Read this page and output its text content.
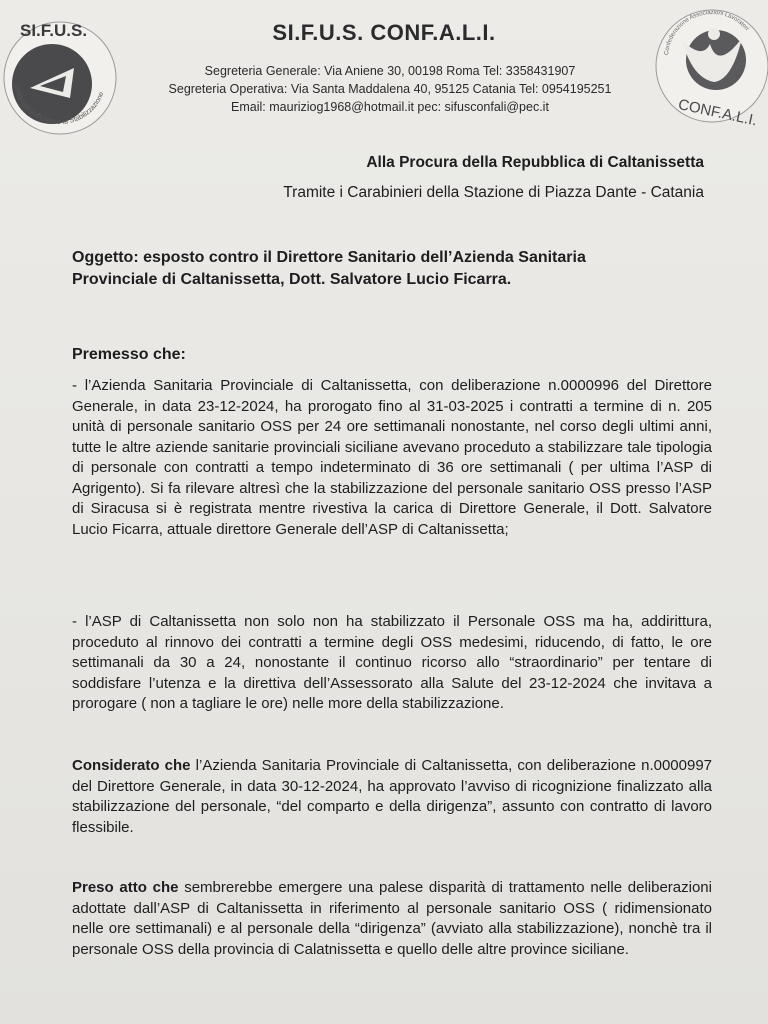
SI.F.U.S.
Sindacato sull'Unità e la Stabilizzazione
CONF.A.L.I.
Confederazione Associazioni Lavoratori
SI.F.U.S. CONF.A.L.I.
Segreteria Generale: Via Aniene 30, 00198 Roma Tel: 3358431907
Segreteria Operativa: Via Santa Maddalena 40, 95125 Catania Tel: 0954195251
Email: mauriziog1968@hotmail.it pec: sifusconfali@pec.it
Alla Procura della Repubblica di Caltanissetta
Tramite i Carabinieri della Stazione di Piazza Dante - Catania
Oggetto: esposto contro il Direttore Sanitario dell’Azienda Sanitaria
Provinciale di Caltanissetta, Dott. Salvatore Lucio Ficarra.
Premesso che:
- l’Azienda Sanitaria Provinciale di Caltanissetta, con deliberazione n.0000996 del Direttore Generale, in data 23-12-2024, ha prorogato fino al 31-03-2025 i contratti a termine di n. 205 unità di personale sanitario OSS per 24 ore settimanali nonostante, nel corso degli ultimi anni, tutte le altre aziende sanitarie provinciali siciliane avevano proceduto a stabilizzare tale tipologia di personale con contratti a tempo indeterminato di 36 ore settimanali ( per ultima l’ASP di Agrigento). Si fa rilevare altresì che la stabilizzazione del personale sanitario OSS presso l’ASP di Siracusa si è registrata mentre rivestiva la carica di Direttore Generale, il Dott. Salvatore Lucio Ficarra, attuale direttore Generale dell’ASP di Caltanissetta;
- l’ASP di Caltanissetta non solo non ha stabilizzato il Personale OSS ma ha, addirittura, proceduto al rinnovo dei contratti a termine degli OSS medesimi, riducendo, di fatto, le ore settimanali da 30 a 24, nonostante il continuo ricorso allo “straordinario” per tentare di soddisfare l’utenza e la direttiva dell’Assessorato alla Salute del 23-12-2024 che invitava a prorogare ( non a tagliare le ore) nelle more della stabilizzazione.
Considerato che l’Azienda Sanitaria Provinciale di Caltanissetta, con deliberazione n.0000997 del Direttore Generale, in data 30-12-2024, ha approvato l’avviso di ricognizione finalizzato alla stabilizzazione del personale, “del comparto e della dirigenza”, assunto con contratto di lavoro flessibile.
Preso atto che sembrerebbe emergere una palese disparità di trattamento nelle deliberazioni adottate dall’ASP di Caltanissetta in riferimento al personale sanitario OSS ( ridimensionato nelle ore settimanali) e al personale della “dirigenza” (avviato alla stabilizzazione), nonchè tra il personale OSS della provincia di Calatnissetta e quello delle altre province siciliane.
